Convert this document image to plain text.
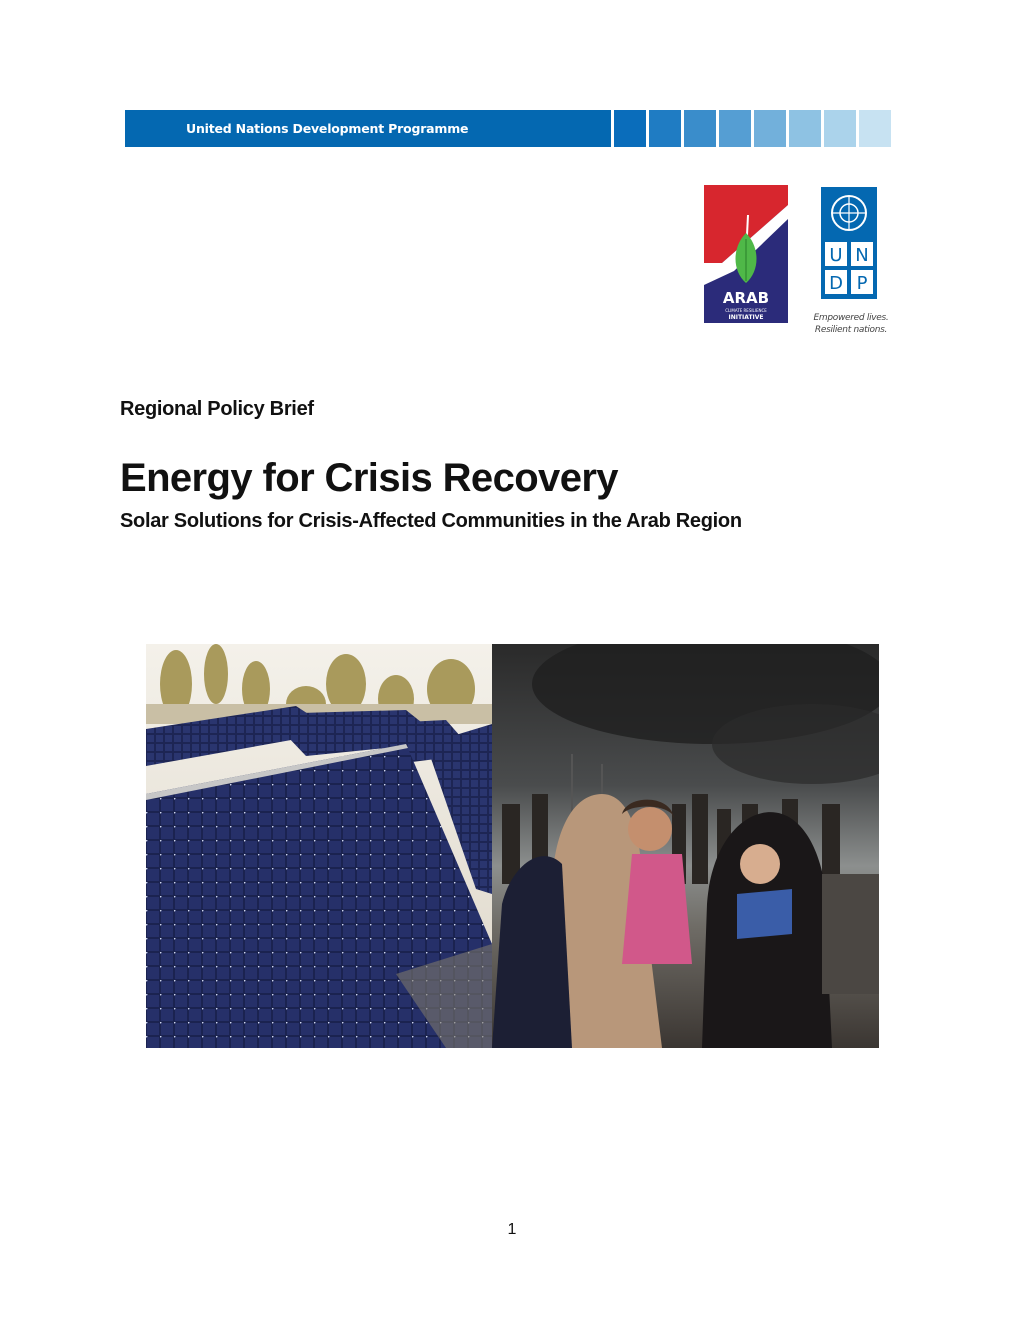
United Nations Development Programme
ARAB
CLIMATE RESILIENCE
INITIATIVE
U N
D P
Empowered lives.
Resilient nations.
Regional Policy Brief
Energy for Crisis Recovery
Solar Solutions for Crisis-Affected Communities in the Arab Region
1
